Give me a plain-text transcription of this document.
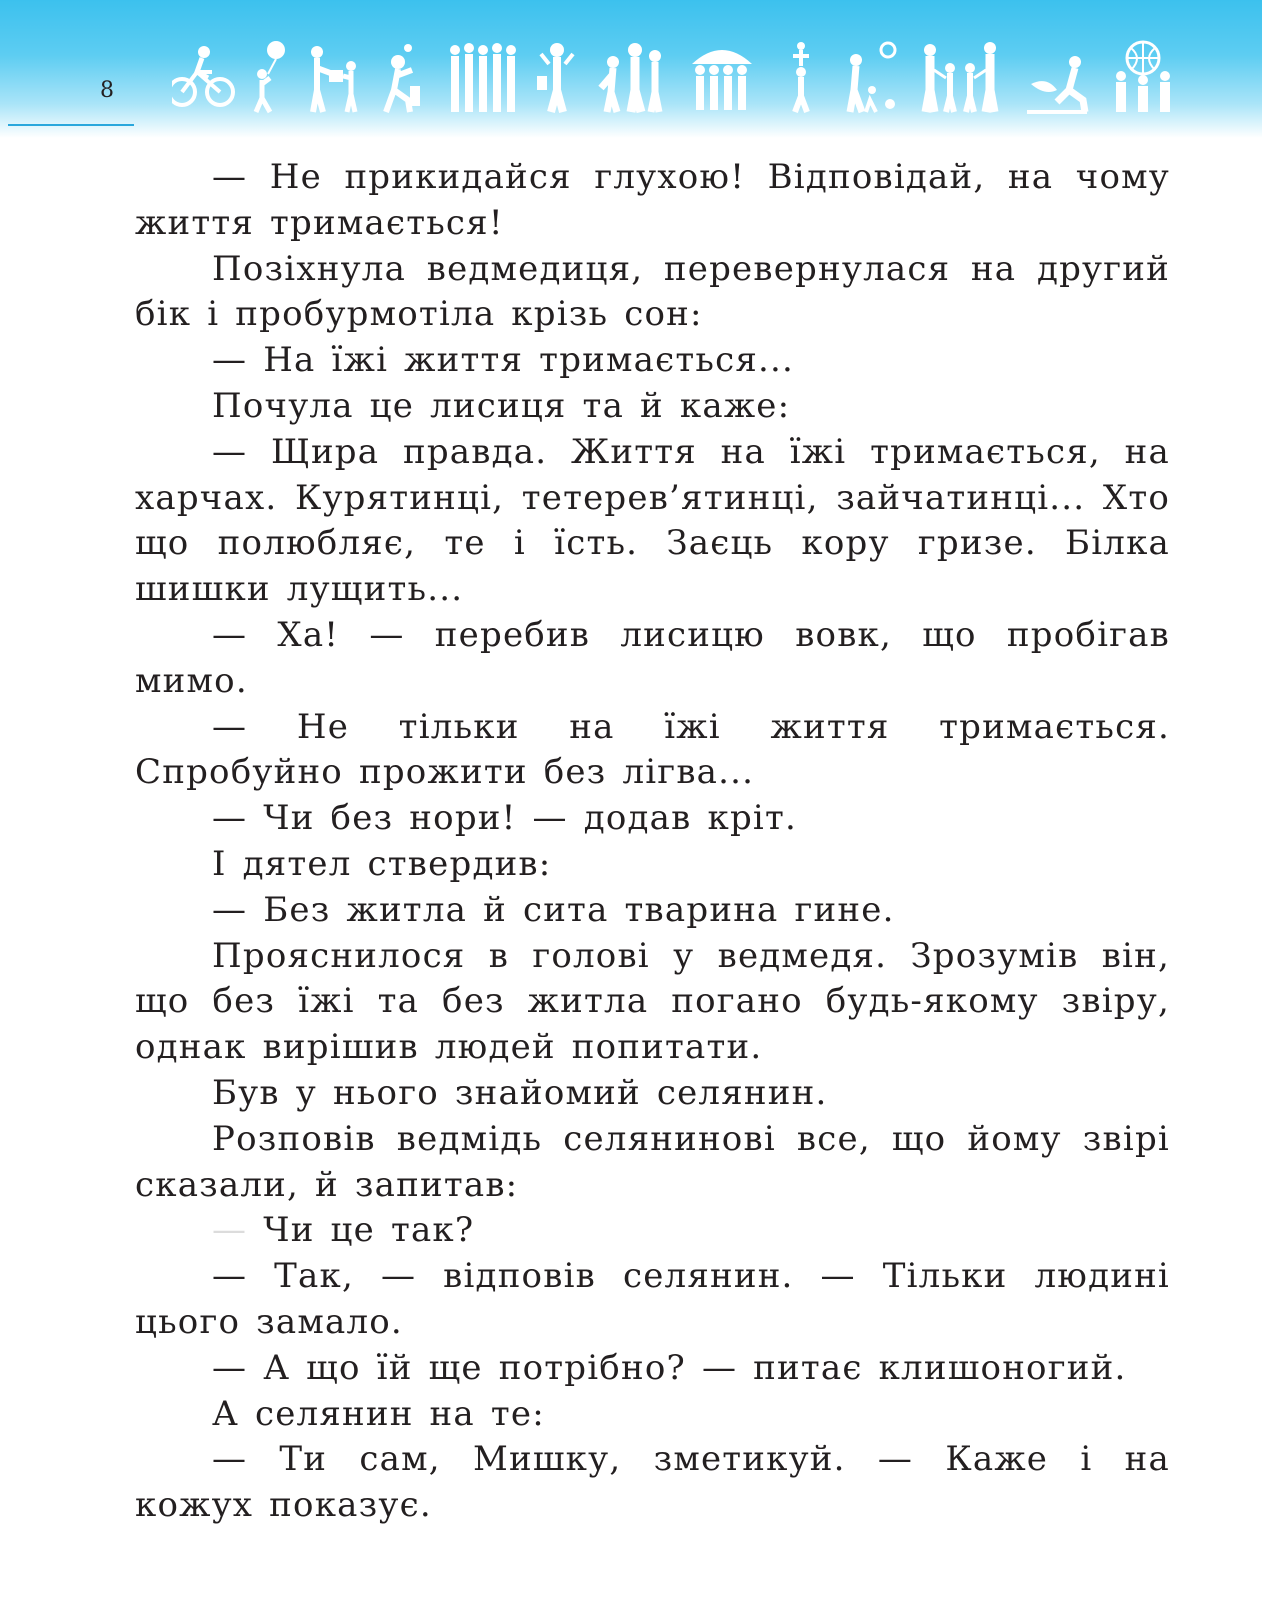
8

— Не прикидайся глухою! Відповідай, на чому життя тримається!

Позіхнула ведмедиця, перевернулася на другий бік і пробурмотіла крізь сон:

— На їжі життя тримається...

Почула це лисиця та й каже:

— Щира правда. Життя на їжі тримається, на харчах. Курятинці, тетерев’ятинці, зайчатинці... Хто що полюбляє, те і їсть. Заєць кору гризе. Білка шишки лущить...

— Ха! — перебив лисицю вовк, що пробігав мимо.

— Не тільки на їжі життя тримається. Спробуйно прожити без лігва...

— Чи без нори! — додав кріт.

І дятел ствердив:

— Без житла й сита тварина гине.

Прояснилося в голові у ведмедя. Зрозумів він, що без їжі та без житла погано будь-якому звіру, однак вирішив людей попитати.

Був у нього знайомий селянин.

Розповів ведмідь селянинові все, що йому звірі сказали, й запитав:

— Чи це так?

— Так, — відповів селянин. — Тільки людині цього замало.

— А що їй ще потрібно? — питає клишоногий.

А селянин на те:

— Ти сам, Мишку, зметикуй. — Каже і на кожух показує.
